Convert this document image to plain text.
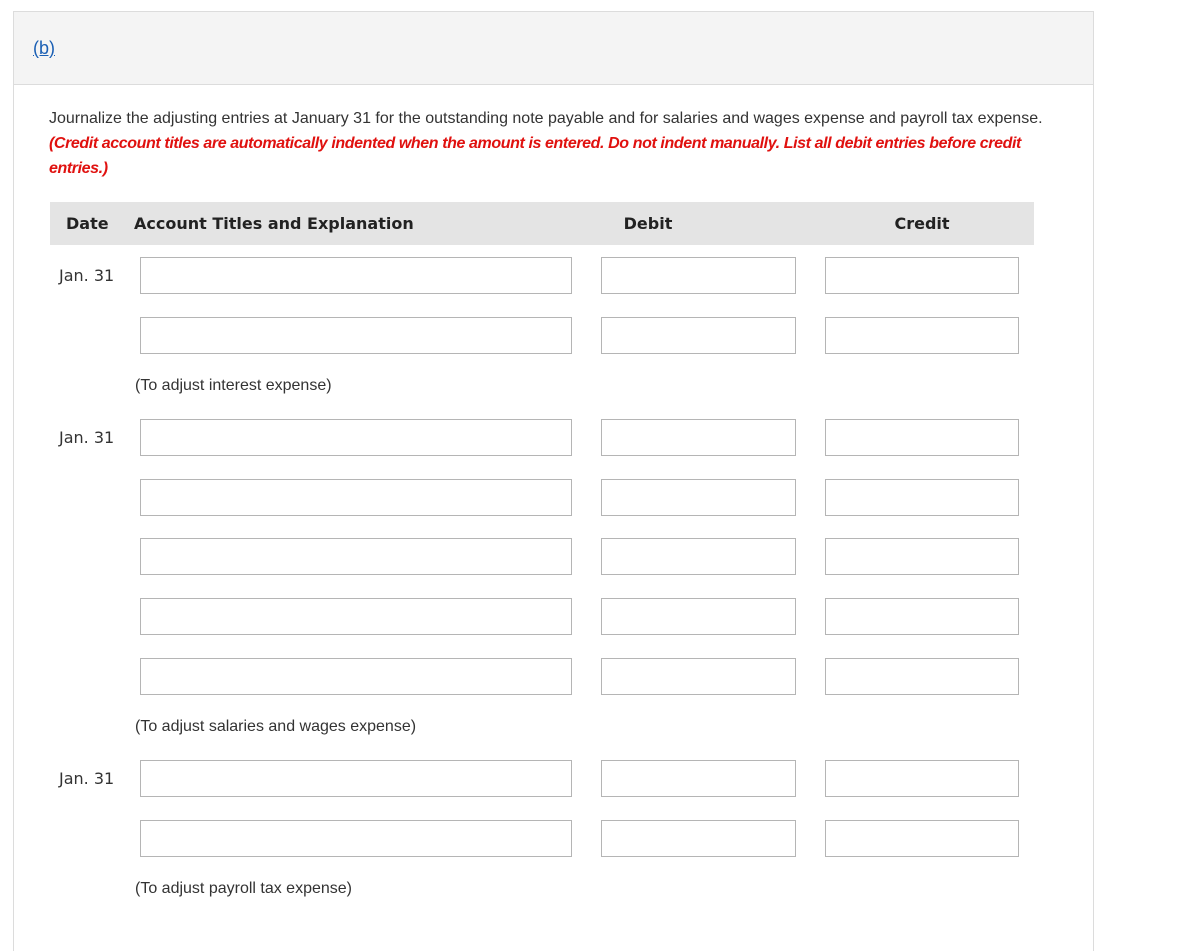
(b)
Journalize the adjusting entries at January 31 for the outstanding note payable and for salaries and wages expense and payroll tax expense. (Credit account titles are automatically indented when the amount is entered. Do not indent manually. List all debit entries before credit entries.)
Date Account Titles and Explanation	Debit	Credit
Jan. 31
(To adjust interest expense)
Jan. 31
(To adjust salaries and wages expense)
Jan. 31
(To adjust payroll tax expense)
